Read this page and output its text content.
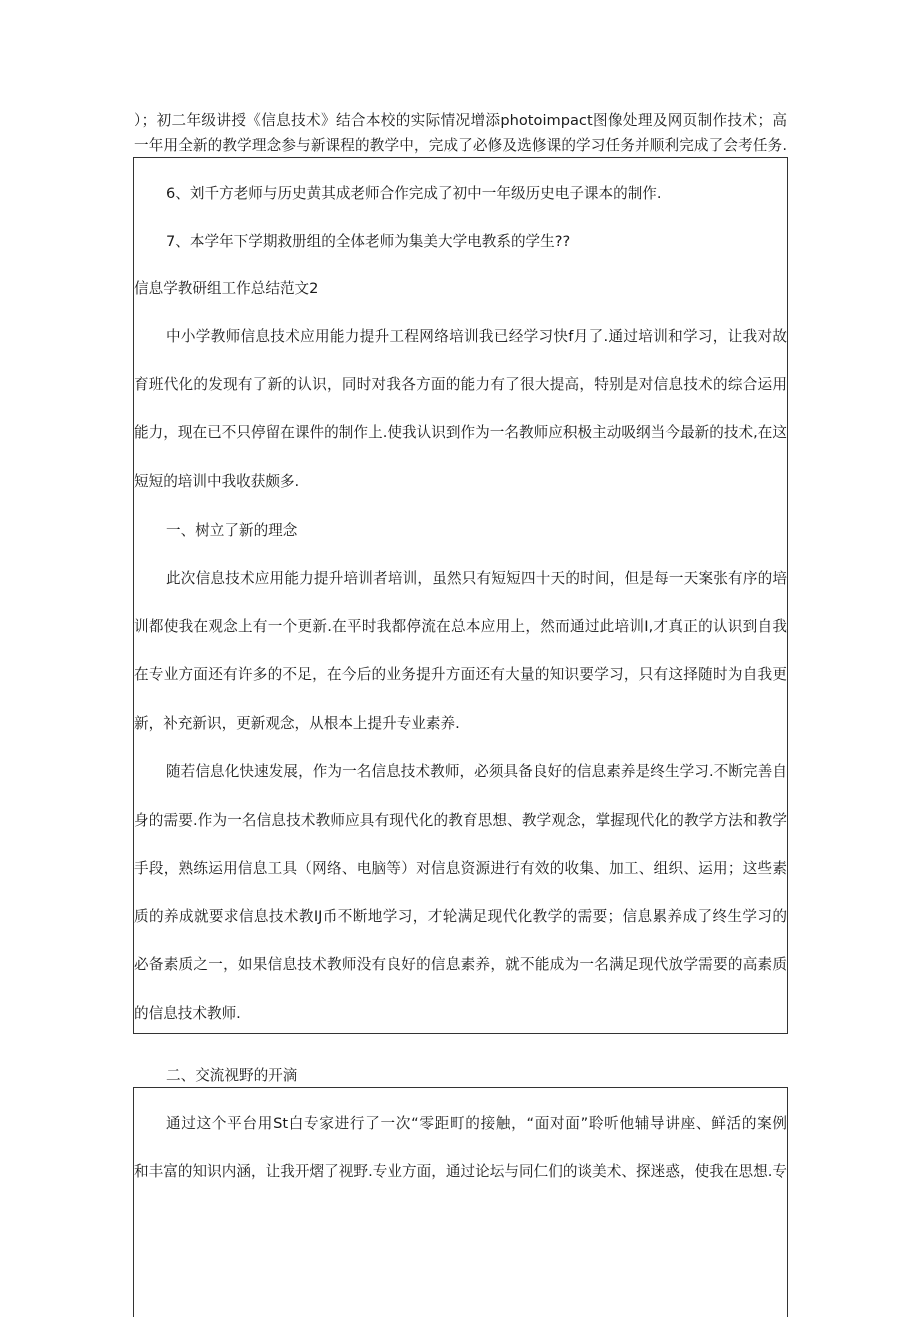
）；初二年级讲授《信息技术》结合本校的实际情况增添photoimpact图像处理及网页制作技术；高
一年用全新的教学理念参与新课程的教学中，完成了必修及选修课的学习任务并顺利完成了会考任务.
6、刘千方老师与历史黄其成老师合作完成了初中一年级历史电子课本的制作.
7、本学年下学期救册组的全体老师为集美大学电教系的学生??
信息学教研组工作总结范文2
中小学教师信息技术应用能力提升工程网络培训我已经学习快f月了.通过培训和学习，让我对故
育班代化的发现有了新的认识，同时对我各方面的能力有了很大提高，特别是对信息技术的综合运用
能力，现在已不只停留在课件的制作上.使我认识到作为一名教师应积极主动吸纲当今最新的技术,在这
短短的培训中我收获颇多.
一、树立了新的理念
此次信息技术应用能力提升培训者培训，虽然只有短短四十天的时间，但是每一天案张有序的培
训都使我在观念上有一个更新.在平时我都停流在总本应用上，然而通过此培训I,才真正的认识到自我
在专业方面还有许多的不足，在今后的业务提升方面还有大量的知识要学习，只有这择随时为自我更
新，补充新识，更新观念，从根本上提升专业素养.
随若信息化快速发展，作为一名信息技术教师，必须具备良好的信息素养是终生学习.不断完善自
身的需要.作为一名信息技术教师应具有现代化的教育思想、教学观念，掌握现代化的教学方法和教学
手段，熟练运用信息工具（网络、电脑等）对信息资源进行有效的收集、加工、组织、运用；这些素
质的养成就要求信息技术教IJ币不断地学习，才轮满足现代化教学的需要；信息累养成了终生学习的
必备素质之一，如果信息技术教师没有良好的信息素养，就不能成为一名满足现代放学需要的高素质
的信息技术教师.
二、交流视野的开滴
通过这个平台用St白专家进行了一次“零距町的接触，“面对面”聆听他辅导讲座、鲜活的案例
和丰富的知识内涵，让我开熠了视野.专业方面，通过论坛与同仁们的谈美术、探迷惑，使我在思想.专
